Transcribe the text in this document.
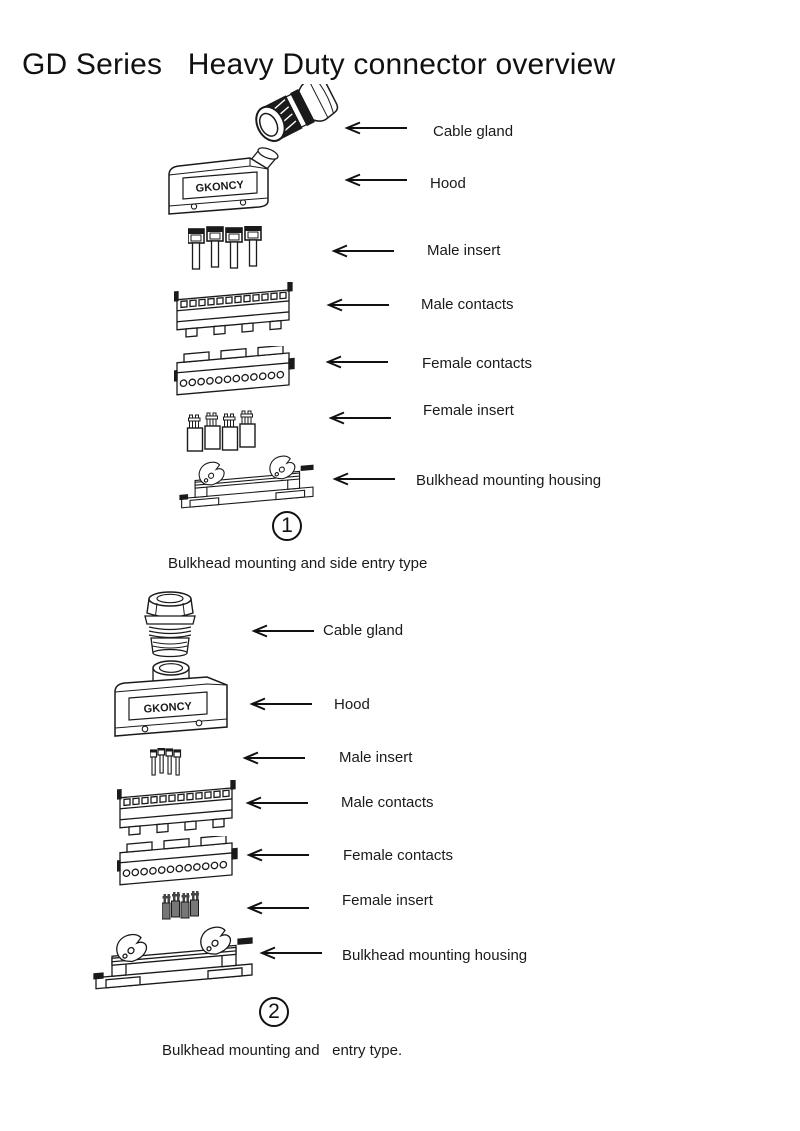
GD Series   Heavy Duty connector overview
GKONCY
Cable gland
Hood
Male insert
Male contacts
Female contacts
Female insert
Bulkhead mounting housing
1
Bulkhead mounting and side entry type
GKONCY
Cable gland
Hood
Male insert
Male contacts
Female contacts
Female insert
Bulkhead mounting housing
2
Bulkhead mounting and   entry type.
